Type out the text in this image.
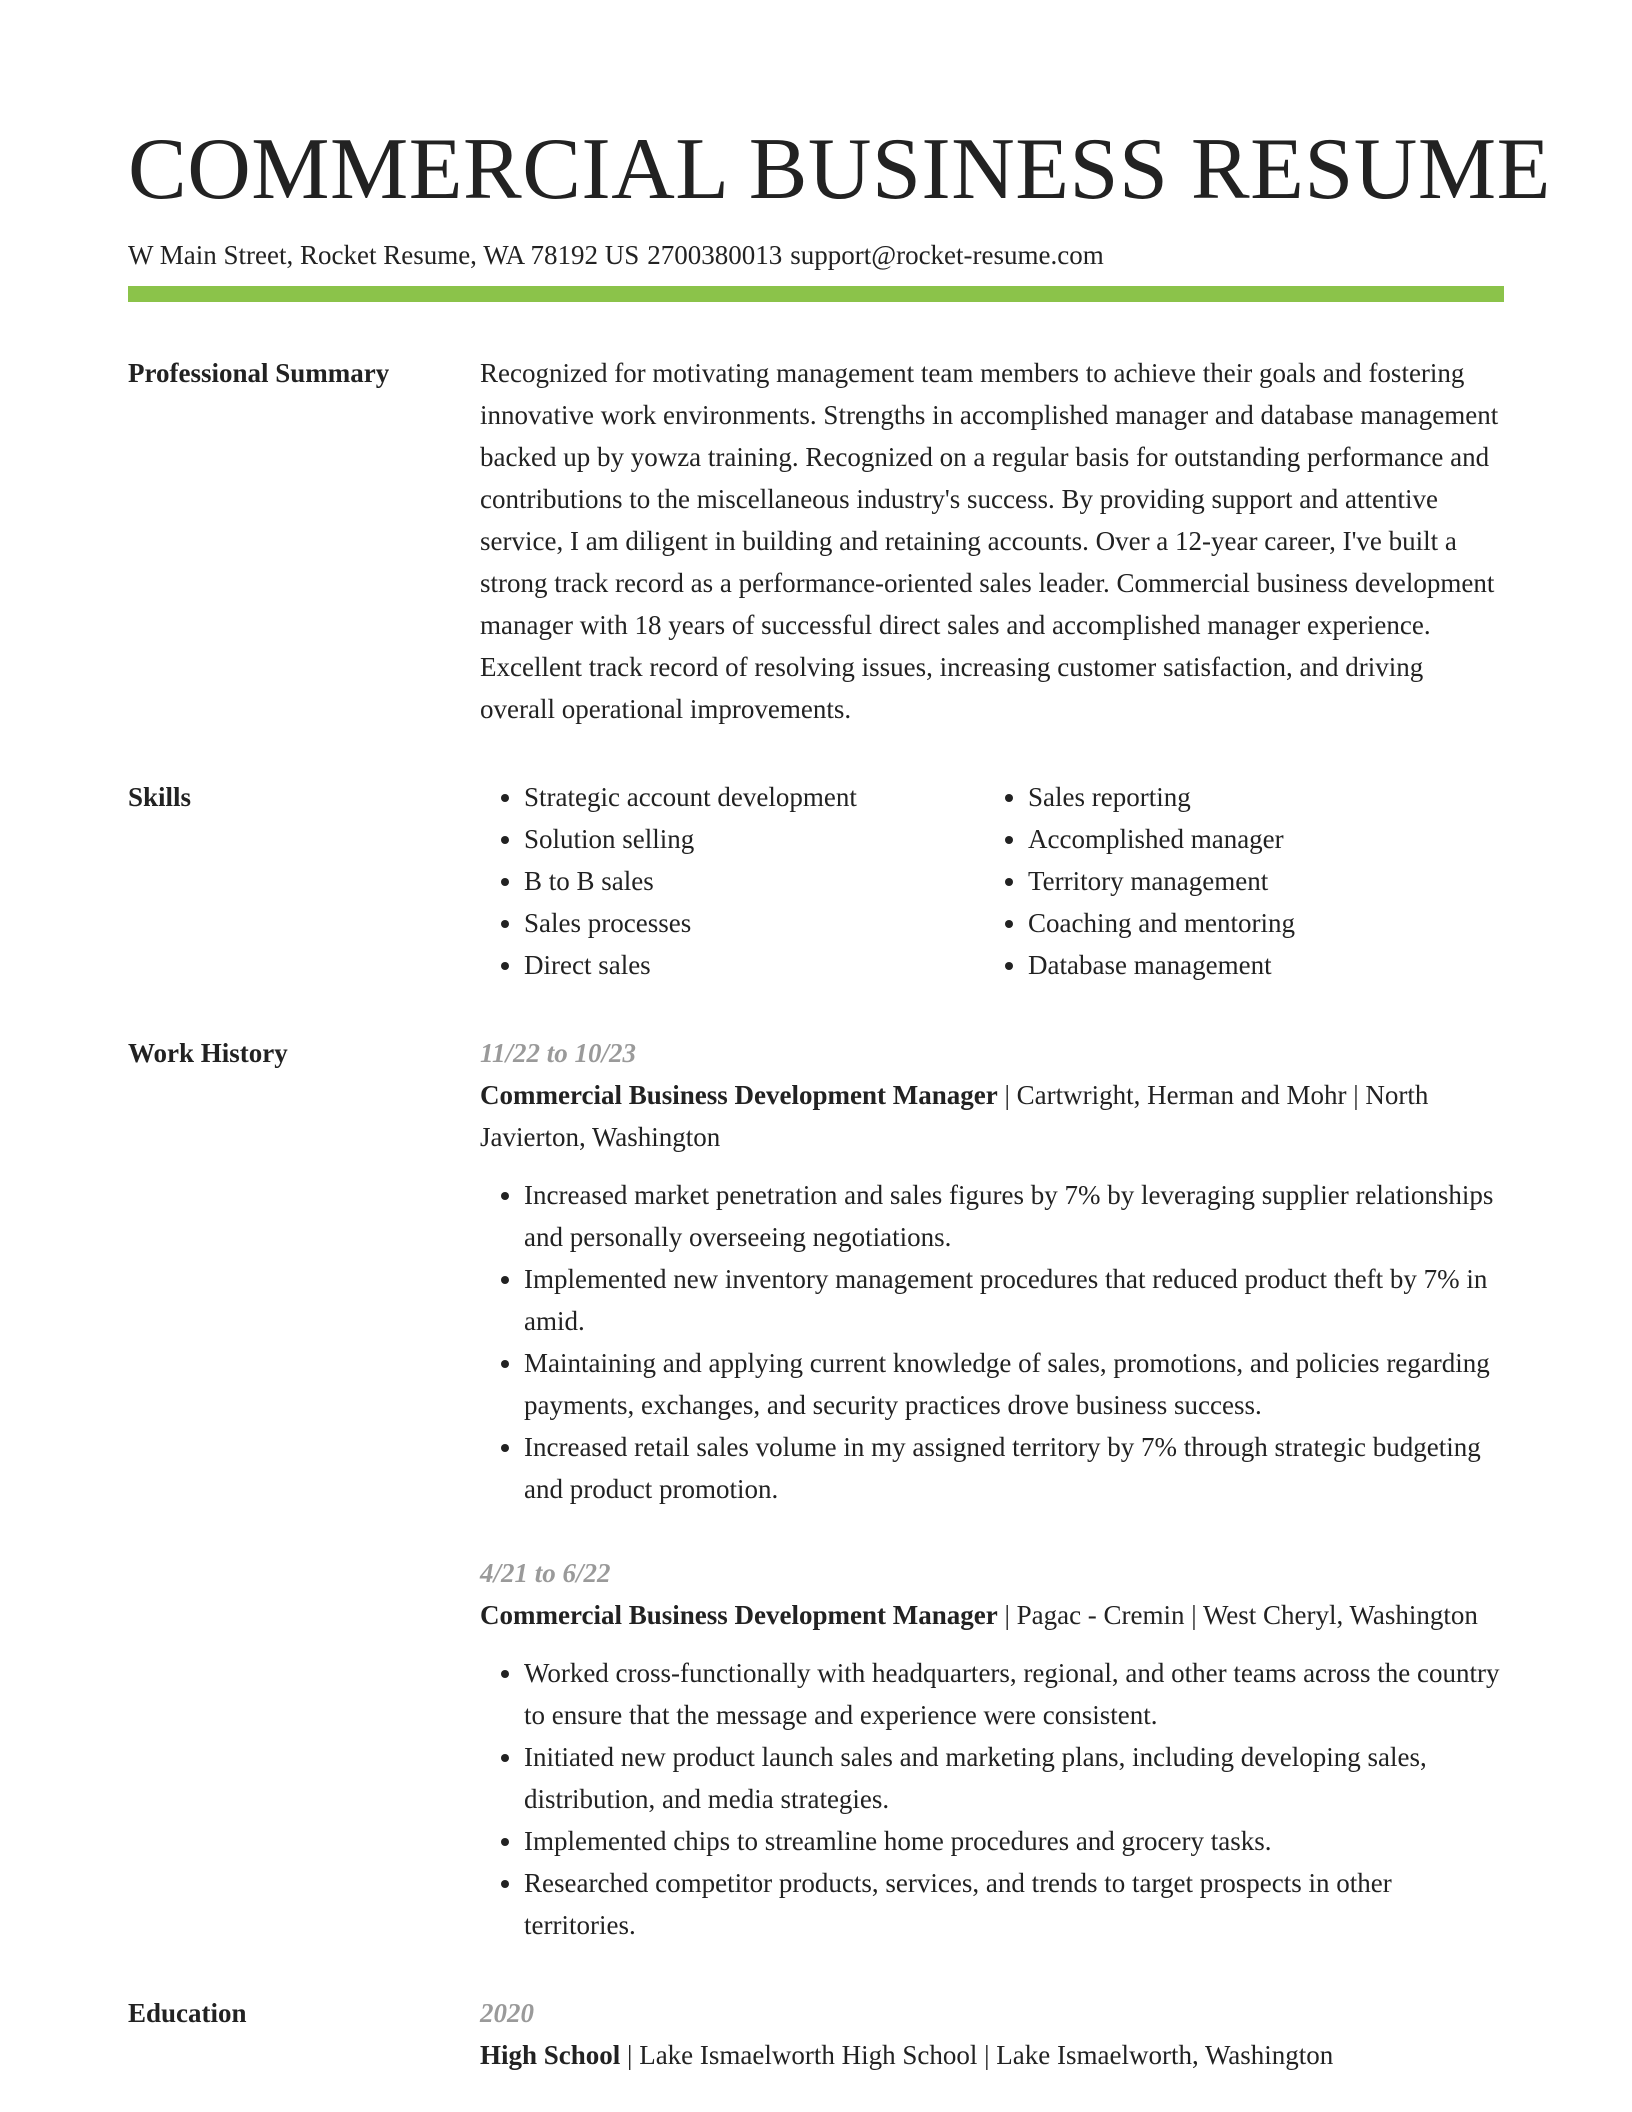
COMMERCIAL BUSINESS RESUME
W Main Street, Rocket Resume, WA 78192 US 2700380013 support@rocket-resume.com
Professional Summary	Recognized for motivating management team members to achieve their goals and fostering innovative work environments. Strengths in accomplished manager and database management backed up by yowza training. Recognized on a regular basis for outstanding performance and contributions to the miscellaneous industry's success. By providing support and attentive service, I am diligent in building and retaining accounts. Over a 12-year career, I've built a strong track record as a performance-oriented sales leader. Commercial business development manager with 18 years of successful direct sales and accomplished manager experience. Excellent track record of resolving issues, increasing customer satisfaction, and driving overall operational improvements.

Skills
•	Strategic account development
• Solution selling
• B to B sales
• Sales processes
• Direct sales
• Sales reporting
• Accomplished manager
• Territory management
• Coaching and mentoring
• Database management
Work History	11/22 to 10/23

Commercial Business Development Manager | Cartwright, Herman and Mohr | North Javierton, Washington

• Increased market penetration and sales figures by 7% by leveraging supplier relationships and personally overseeing negotiations.
• Implemented new inventory management procedures that reduced product theft by 7% in amid.
• Maintaining and applying current knowledge of sales, promotions, and policies regarding payments, exchanges, and security practices drove business success.
• Increased retail sales volume in my assigned territory by 7% through strategic budgeting and product promotion.
4/21 to 6/22

Commercial Business Development Manager | Pagac - Cremin | West Cheryl, Washington

• Worked cross-functionally with headquarters, regional, and other teams across the country to ensure that the message and experience were consistent.
• Initiated new product launch sales and marketing plans, including developing sales, distribution, and media strategies.
• Implemented chips to streamline home procedures and grocery tasks.
• Researched competitor products, services, and trends to target prospects in other territories.
Education	2020
High School | Lake Ismaelworth High School | Lake Ismaelworth, Washington
